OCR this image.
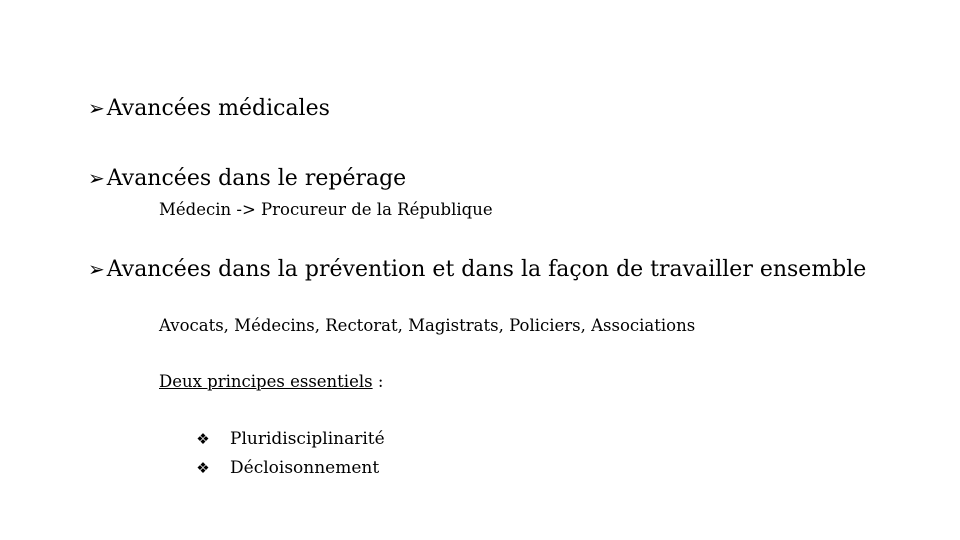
➢Avancées médicales
➢Avancées dans le repérage
Médecin -> Procureur de la République
➢Avancées dans la prévention et dans la façon de travailler ensemble
Avocats, Médecins, Rectorat, Magistrats, Policiers, Associations
Deux principes essentiels :
❖ Pluridisciplinarité
❖ Décloisonnement
